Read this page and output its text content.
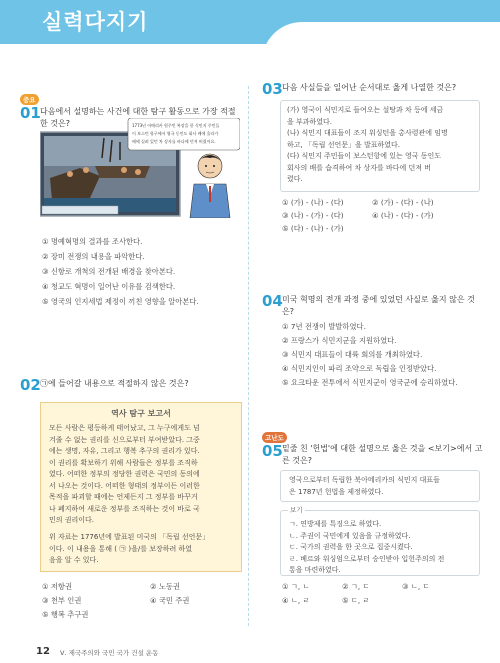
실력다지기
중요
01 다음에서 설명하는 사건에 대한 탐구 활동으로 가장 적절
한 것은?	1773년 아메리카 원주민 복장을 한 식민지 주민들
이 보스턴 항구에서 영국 동인도 회사 배에 올라가
배에 실려 있던 차 상자를 바다에 던져 버렸어요.
① 명예혁명의 결과를 조사한다.
② 장미 전쟁의 내용을 파악한다.
③ 신항로 개척의 전개된 배경을 찾아본다.
④ 청교도 혁명이 일어난 이유를 검색한다.
⑤ 영국의 인지세법 제정이 끼친 영향을 알아본다.
02 ㉠에 들어갈 내용으로 적절하지 않은 것은?
역사 탐구 보고서
모든 사람은 평등하게 태어났고, 그 누구에게도 넘
겨줄 수 없는 권리를 신으로부터 부여받았다. 그중
에는 생명, 자유, 그리고 행복 추구의 권리가 있다.
이 권리를 확보하기 위해 사람들은 정부를 조직하
였다. 어떠한 정부의 정당한 권력은 국민의 동의에
서 나오는 것이다. 어떠한 형태의 정부이든 이러한
목적을 파괴할 때에는 언제든지 그 정부를 바꾸거
나 폐지하여 새로운 정부를 조직하는 것이 바로 국
민의 권리이다.
위 자료는 1776년에 발표된 미국의 「독립 선언문」
이다. 이 내용을 통해 ( ㉠ )을/를 보장하려 하였
음을 알 수 있다.
① 저항권	② 노동권
③ 천부 인권	④ 국민 주권
⑤ 행복 추구권
03 다음 사실들을 일어난 순서대로 옳게 나열한 것은?
(가) 영국이 식민지로 들여오는 설탕과 차 등에 세금
을 부과하였다.
(나) 식민지 대표들이 조지 워싱턴을 총사령관에 임명
하고, 「독립 선언문」을 발표하였다.
(다) 식민지 주민들이 보스턴항에 있는 영국 동인도
회사의 배를 습격하여 차 상자를 바다에 던져 버
렸다.
① (가) - (나) - (다)	② (가) - (다) - (나)
③ (나) - (가) - (다)	④ (나) - (다) - (가)
⑤ (다) - (나) - (가)
04 미국 혁명의 전개 과정 중에 있었던 사실로 옳지 않은 것
은?
① 7년 전쟁이 발발하였다.
② 프랑스가 식민지군을 지원하였다.
③ 식민지 대표들이 대륙 회의를 개최하였다.
④ 식민지인이 파리 조약으로 독립을 인정받았다.
⑤ 요크타운 전투에서 식민지군이 영국군에 승리하였다.
고난도
05 밑줄 친 '헌법'에 대한 설명으로 옳은 것을 <보기>에서 고
른 것은?
영국으로부터 독립한 북아메리카의 식민지 대표들
은 1787년 헌법을 제정하였다.
ㄱ. 연방제를 특징으로 하였다.
ㄴ. 주권이 국민에게 있음을 규정하였다.
ㄷ. 국가의 권력을 한 곳으로 집중시켰다.
ㄹ. 베르와 워싱엄으로부터 승인받아 입헌주의의 전
통을 마련하였다.
보기
① ㄱ, ㄴ	② ㄱ, ㄷ	③ ㄴ, ㄷ
④ ㄴ, ㄹ	⑤ ㄷ, ㄹ
12 Ⅴ. 제국주의와 국민 국가 건설 운동
